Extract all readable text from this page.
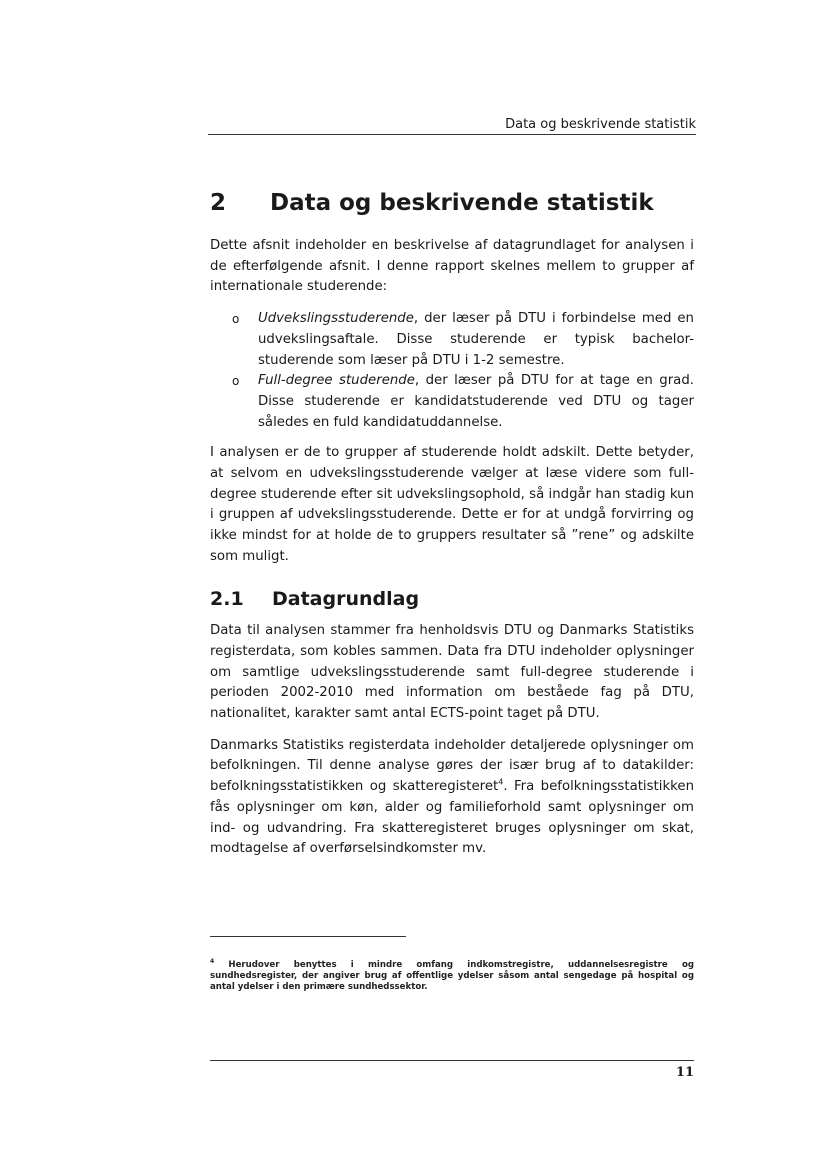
Data og beskrivende statistik
2 Data og beskrivende statistik

Dette afsnit indeholder en beskrivelse af datagrundlaget for analysen i de efterfølgende afsnit. I denne rapport skelnes mellem to grupper af internationale studerende:

o Udvekslingsstuderende, der læser på DTU i forbindelse med en udvekslingsaftale. Disse studerende er typisk bachelor-studerende som læser på DTU i 1-2 semestre.
o Full-degree studerende, der læser på DTU for at tage en grad. Disse studerende er kandidatstuderende ved DTU og tager således en fuld kandidatuddannelse.

I analysen er de to grupper af studerende holdt adskilt. Dette betyder, at selvom en udvekslingsstuderende vælger at læse videre som full-degree studerende efter sit udvekslingsophold, så indgår han stadig kun i gruppen af udvekslingsstuderende. Dette er for at undgå forvirring og ikke mindst for at holde de to gruppers resultater så ”rene” og adskilte som muligt.

2.1 Datagrundlag

Data til analysen stammer fra henholdsvis DTU og Danmarks Statistiks registerdata, som kobles sammen. Data fra DTU indeholder oplysninger om samtlige udvekslingsstuderende samt full-degree studerende i perioden 2002-2010 med information om beståede fag på DTU, nationalitet, karakter samt antal ECTS-point taget på DTU.

Danmarks Statistiks registerdata indeholder detaljerede oplysninger om befolkningen. Til denne analyse gøres der især brug af to datakilder: befolkningsstatistikken og skatteregisteret$^4$. Fra befolkningsstatistikken fås oplysninger om køn, alder og familieforhold samt oplysninger om ind- og udvandring. Fra skatteregisteret bruges oplysninger om skat, modtagelse af overførselsindkomster mv.

$^4$ Herudover benyttes i mindre omfang indkomstregistre, uddannelsesregistre og sundhedsregister, der angiver brug af offentlige ydelser såsom antal sengedage på hospital og antal ydelser i den primære sundhedssektor.
11
